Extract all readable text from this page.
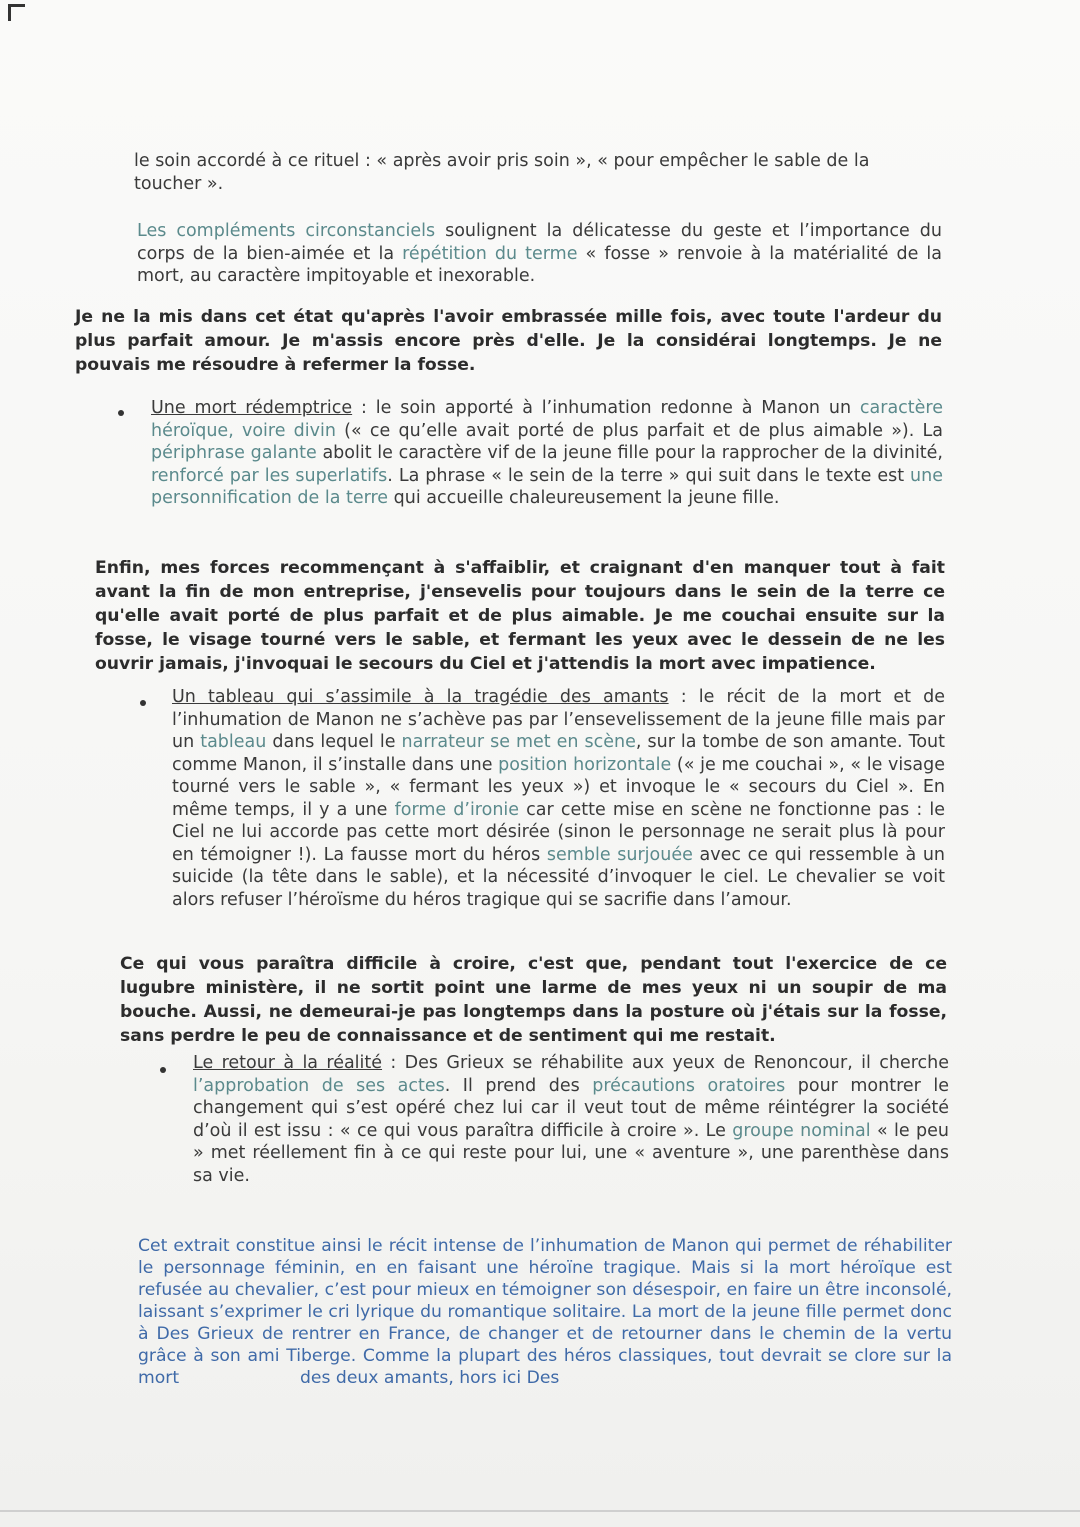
le soin accordé à ce rituel : « après avoir pris soin », « pour empêcher le sable de la
toucher ».
Les compléments circonstanciels soulignent la délicatesse du geste et l’importance du corps de la bien-aimée et la répétition du terme « fosse » renvoie à la matérialité de la mort, au caractère impitoyable et inexorable.
Je ne la mis dans cet état qu'après l'avoir embrassée mille fois, avec toute l'ardeur du plus parfait amour. Je m'assis encore près d'elle. Je la considérai longtemps. Je ne pouvais me résoudre à refermer la fosse.
Une mort rédemptrice : le soin apporté à l’inhumation redonne à Manon un caractère héroïque, voire divin (« ce qu’elle avait porté de plus parfait et de plus aimable »). La périphrase galante abolit le caractère vif de la jeune fille pour la rapprocher de la divinité, renforcé par les superlatifs. La phrase « le sein de la terre » qui suit dans le texte est une personnification de la terre qui accueille chaleureusement la jeune fille.
Enfin, mes forces recommençant à s'affaiblir, et craignant d'en manquer tout à fait avant la fin de mon entreprise, j'ensevelis pour toujours dans le sein de la terre ce qu'elle avait porté de plus parfait et de plus aimable. Je me couchai ensuite sur la fosse, le visage tourné vers le sable, et fermant les yeux avec le dessein de ne les ouvrir jamais, j'invoquai le secours du Ciel et j'attendis la mort avec impatience.
Un tableau qui s’assimile à la tragédie des amants : le récit de la mort et de l’inhumation de Manon ne s’achève pas par l’ensevelissement de la jeune fille mais par un tableau dans lequel le narrateur se met en scène, sur la tombe de son amante. Tout comme Manon, il s’installe dans une position horizontale (« je me couchai », « le visage tourné vers le sable », « fermant les yeux ») et invoque le « secours du Ciel ». En même temps, il y a une forme d’ironie car cette mise en scène ne fonctionne pas : le Ciel ne lui accorde pas cette mort désirée (sinon le personnage ne serait plus là pour en témoigner !). La fausse mort du héros semble surjouée avec ce qui ressemble à un suicide (la tête dans le sable), et la nécessité d’invoquer le ciel. Le chevalier se voit alors refuser l’héroïsme du héros tragique qui se sacrifie dans l’amour.
Ce qui vous paraîtra difficile à croire, c'est que, pendant tout l'exercice de ce lugubre ministère, il ne sortit point une larme de mes yeux ni un soupir de ma bouche. Aussi, ne demeurai-je pas longtemps dans la posture où j'étais sur la fosse, sans perdre le peu de connaissance et de sentiment qui me restait.
Le retour à la réalité : Des Grieux se réhabilite aux yeux de Renoncour, il cherche l’approbation de ses actes. Il prend des précautions oratoires pour montrer le changement qui s’est opéré chez lui car il veut tout de même réintégrer la société d’où il est issu : « ce qui vous paraîtra difficile à croire ». Le groupe nominal « le peu » met réellement fin à ce qui reste pour lui, une « aventure », une parenthèse dans sa vie.
Cet extrait constitue ainsi le récit intense de l’inhumation de Manon qui permet de réhabiliter le personnage féminin, en en faisant une héroïne tragique. Mais si la mort héroïque est refusée au chevalier, c’est pour mieux en témoigner son désespoir, en faire un être inconsolé, laissant s’exprimer le cri lyrique du romantique solitaire. La mort de la jeune fille permet donc à Des Grieux de rentrer en France, de changer et de retourner dans le chemin de la vertu grâce à son ami Tiberge. Comme la plupart des héros classiques, tout devrait se clore sur la mort	des deux amants, hors ici Des
